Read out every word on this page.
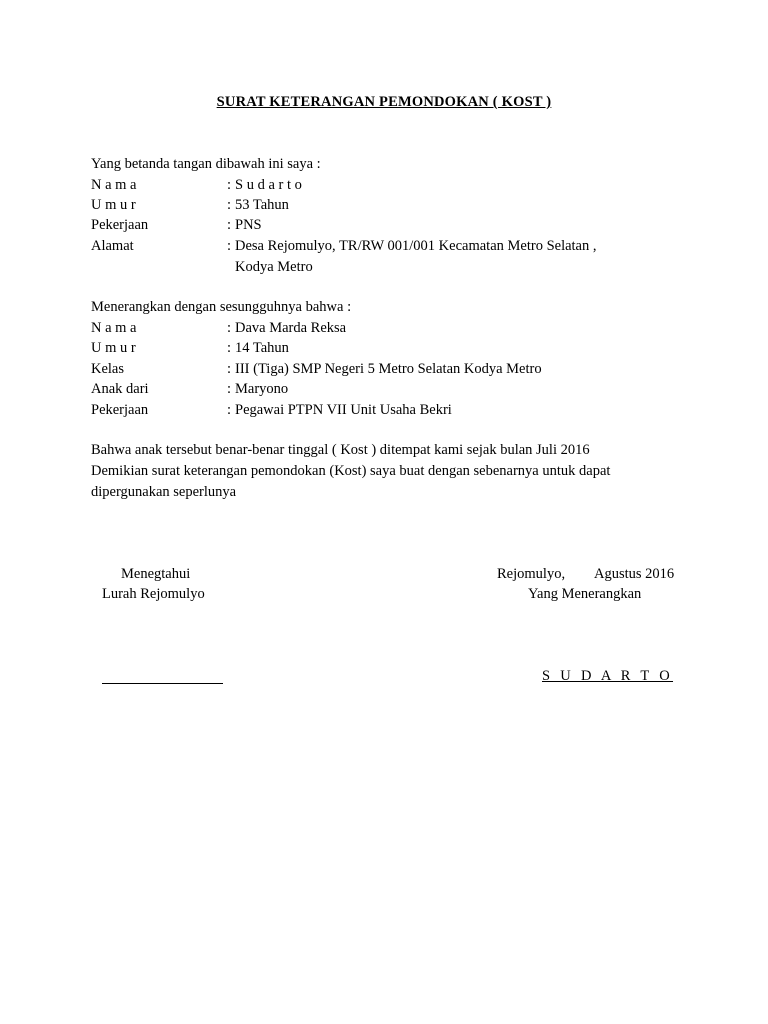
SURAT KETERANGAN PEMONDOKAN ( KOST )
Yang betanda tangan dibawah ini saya :
N a m a	: S u d a r t o
U m u r	: 53 Tahun
Pekerjaan	: PNS
Alamat	: Desa Rejomulyo, TR/RW 001/001 Kecamatan Metro Selatan ,
Kodya Metro
Menerangkan dengan sesungguhnya bahwa :
N a m a	: Dava Marda Reksa
U m u r	: 14 Tahun
Kelas	: III (Tiga) SMP Negeri 5 Metro Selatan Kodya Metro
Anak dari	: Maryono
Pekerjaan	: Pegawai PTPN VII Unit Usaha Bekri
Bahwa anak tersebut benar-benar tinggal ( Kost ) ditempat kami sejak bulan Juli 2016
Demikian surat keterangan pemondokan (Kost) saya buat dengan sebenarnya untuk dapat
dipergunakan seperlunya
Menegtahui
Lurah Rejomulyo
Rejomulyo, Agustus 2016
Yang Menerangkan
S U D A R T O
